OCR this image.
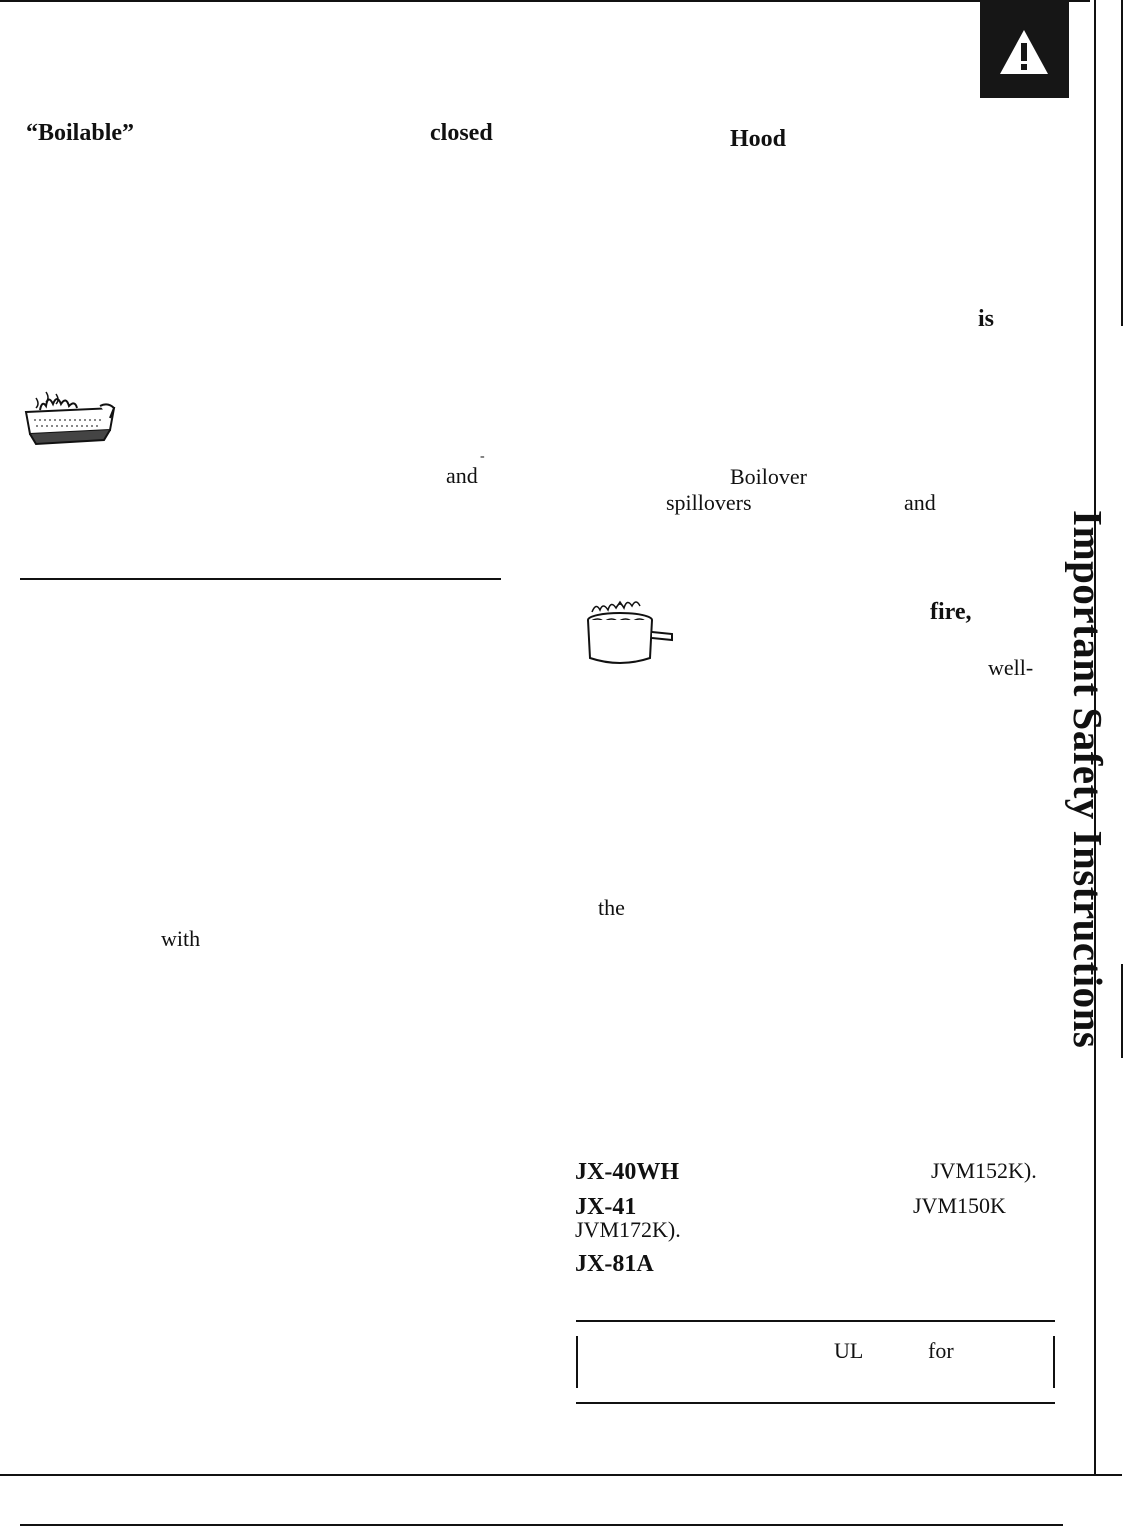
Important Safety Instructions
“Boilable”	closed
and
-
with
Hood
is
Boilover
spillovers	and
fire,
well-
the
JX-40WH	JVM152K).
JX-41	JVM150K
JVM172K).
JX-81A
UL	for
